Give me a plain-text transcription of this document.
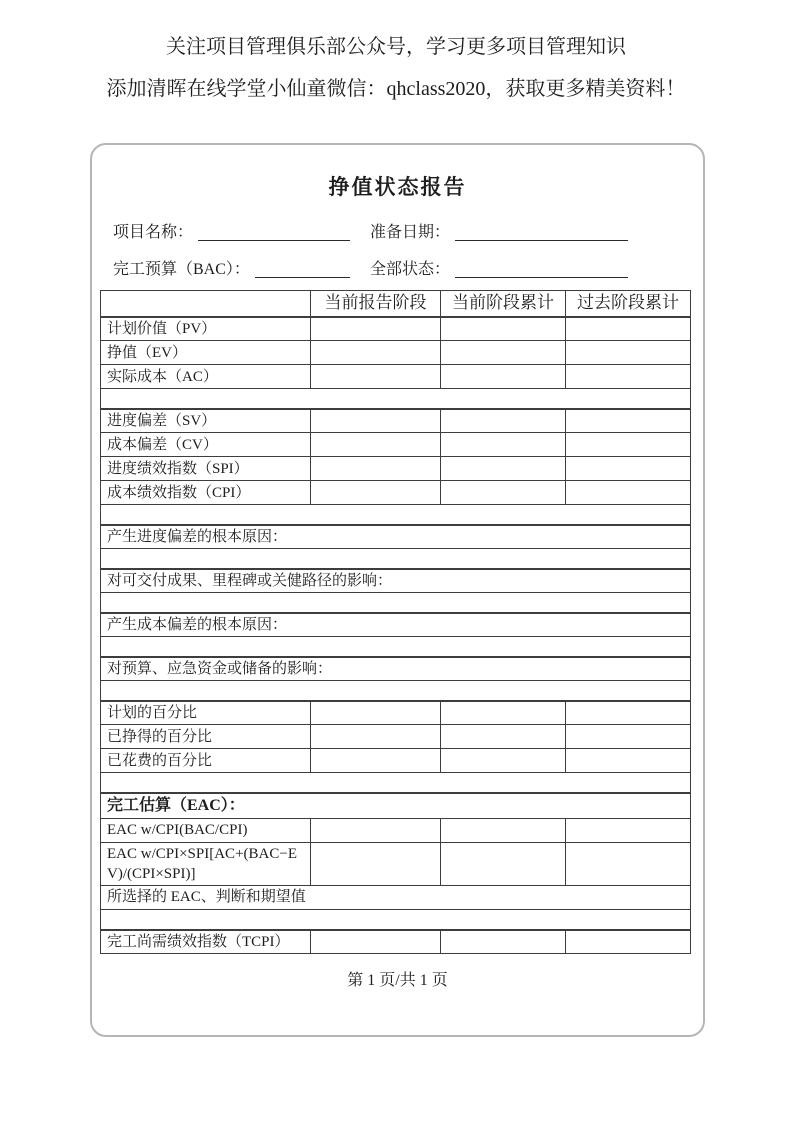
关注项目管理俱乐部公众号，学习更多项目管理知识
添加清晖在线学堂小仙童微信：qhclass2020，获取更多精美资料！
挣值状态报告
项目名称：	准备日期：
完工预算（BAC）：	全部状态：
	当前报告阶段	当前阶段累计	过去阶段累计
计划价值（PV）			
挣值（EV）			
实际成本（AC）			

进度偏差（SV）			
成本偏差（CV）			
进度绩效指数（SPI）			
成本绩效指数（CPI）			

产生进度偏差的根本原因：			

对可交付成果、里程碑或关健路径的影响：			

产生成本偏差的根本原因：			

对预算、应急资金或储备的影响：			

计划的百分比			
已挣得的百分比			
已花费的百分比			

完工估算（EAC）：			
EAC w/CPI(BAC/CPI)			
EAC w/CPI×SPI[AC+(BAC−EV)/(CPI×SPI)]			
所选择的 EAC、判断和期望值			

完工尚需绩效指数（TCPI）			
第 1 页/共 1 页
